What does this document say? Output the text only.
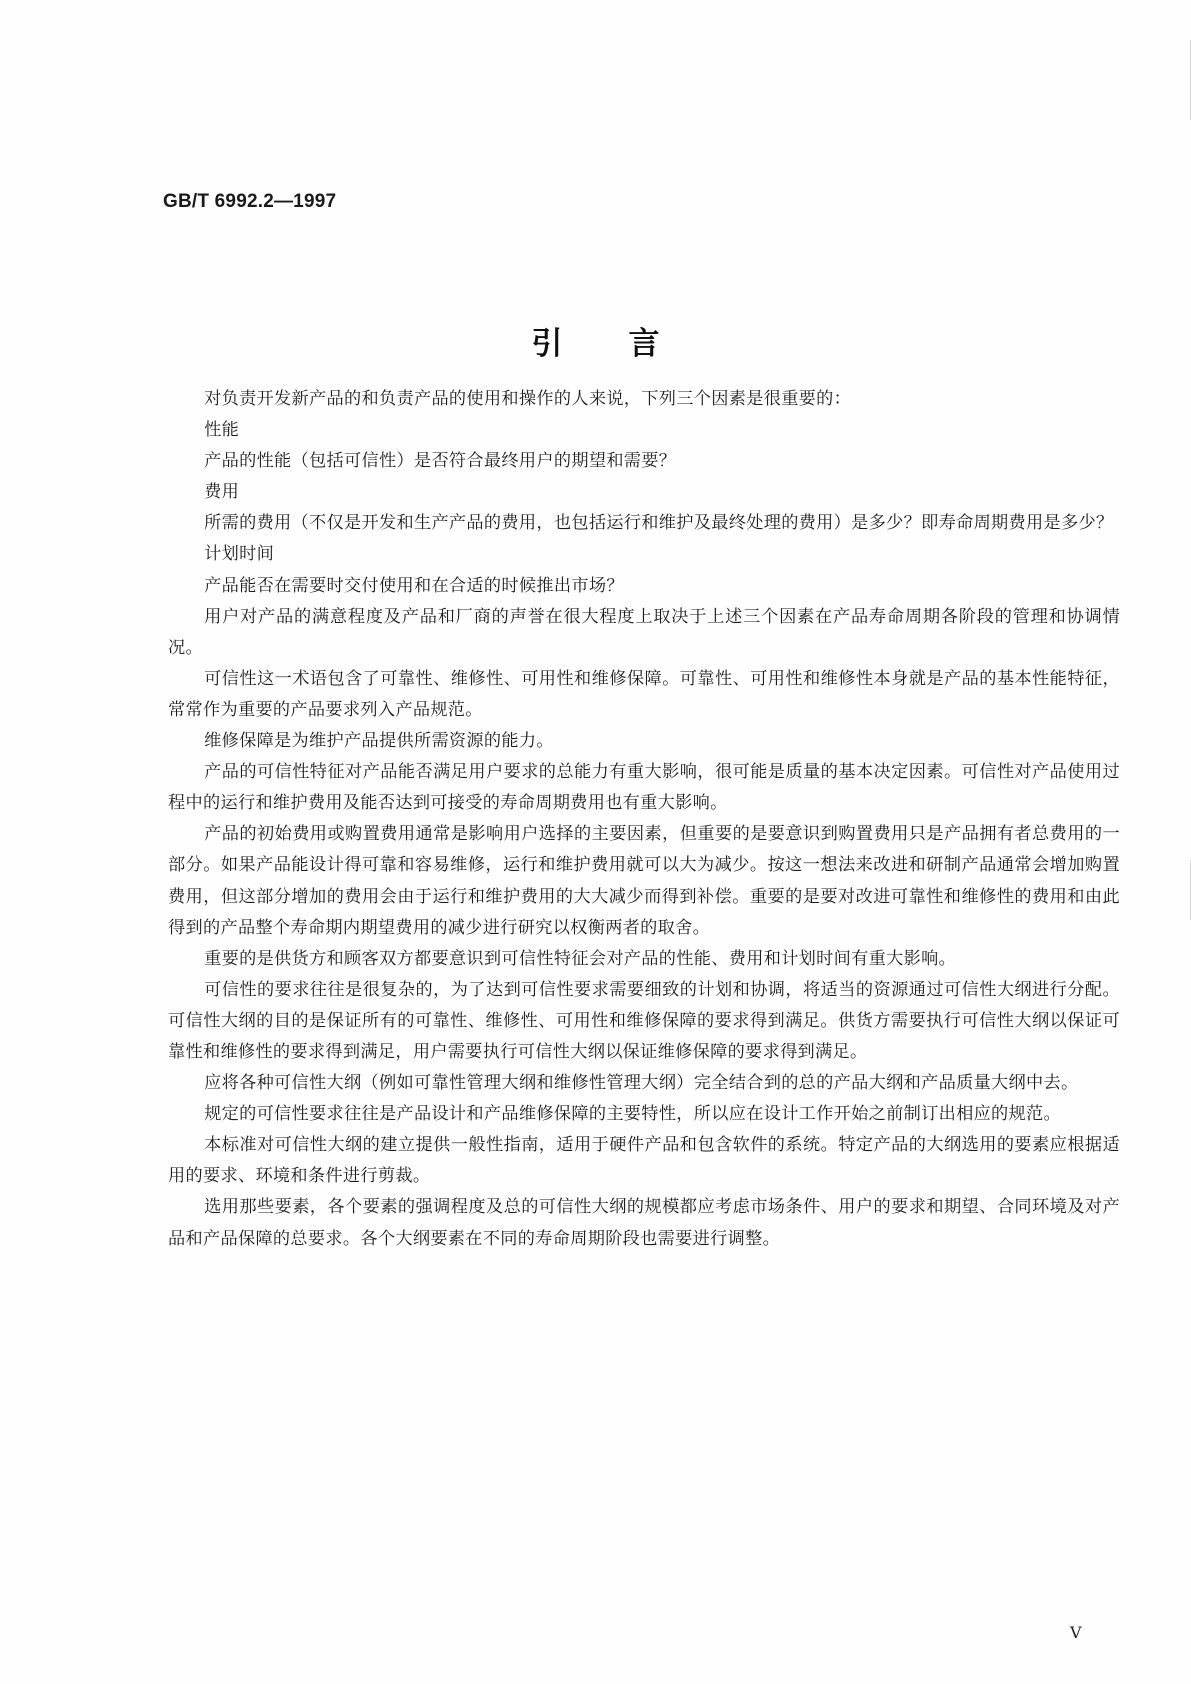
GB/T 6992.2—1997
引言

对负责开发新产品的和负责产品的使用和操作的人来说，下列三个因素是很重要的：

性能

产品的性能（包括可信性）是否符合最终用户的期望和需要？

费用

所需的费用（不仅是开发和生产产品的费用，也包括运行和维护及最终处理的费用）是多少？即寿命周期费用是多少？

计划时间

产品能否在需要时交付使用和在合适的时候推出市场？

用户对产品的满意程度及产品和厂商的声誉在很大程度上取决于上述三个因素在产品寿命周期各阶段的管理和协调情况。

可信性这一术语包含了可靠性、维修性、可用性和维修保障。可靠性、可用性和维修性本身就是产品的基本性能特征，常常作为重要的产品要求列入产品规范。

维修保障是为维护产品提供所需资源的能力。

产品的可信性特征对产品能否满足用户要求的总能力有重大影响，很可能是质量的基本决定因素。可信性对产品使用过程中的运行和维护费用及能否达到可接受的寿命周期费用也有重大影响。

产品的初始费用或购置费用通常是影响用户选择的主要因素，但重要的是要意识到购置费用只是产品拥有者总费用的一部分。如果产品能设计得可靠和容易维修，运行和维护费用就可以大为减少。按这一想法来改进和研制产品通常会增加购置费用，但这部分增加的费用会由于运行和维护费用的大大减少而得到补偿。重要的是要对改进可靠性和维修性的费用和由此得到的产品整个寿命期内期望费用的减少进行研究以权衡两者的取舍。

重要的是供货方和顾客双方都要意识到可信性特征会对产品的性能、费用和计划时间有重大影响。

可信性的要求往往是很复杂的，为了达到可信性要求需要细致的计划和协调，将适当的资源通过可信性大纲进行分配。可信性大纲的目的是保证所有的可靠性、维修性、可用性和维修保障的要求得到满足。供货方需要执行可信性大纲以保证可靠性和维修性的要求得到满足，用户需要执行可信性大纲以保证维修保障的要求得到满足。

应将各种可信性大纲（例如可靠性管理大纲和维修性管理大纲）完全结合到的总的产品大纲和产品质量大纲中去。

规定的可信性要求往往是产品设计和产品维修保障的主要特性，所以应在设计工作开始之前制订出相应的规范。

本标准对可信性大纲的建立提供一般性指南，适用于硬件产品和包含软件的系统。特定产品的大纲选用的要素应根据适用的要求、环境和条件进行剪裁。

选用那些要素，各个要素的强调程度及总的可信性大纲的规模都应考虑市场条件、用户的要求和期望、合同环境及对产品和产品保障的总要求。各个大纲要素在不同的寿命周期阶段也需要进行调整。

V
